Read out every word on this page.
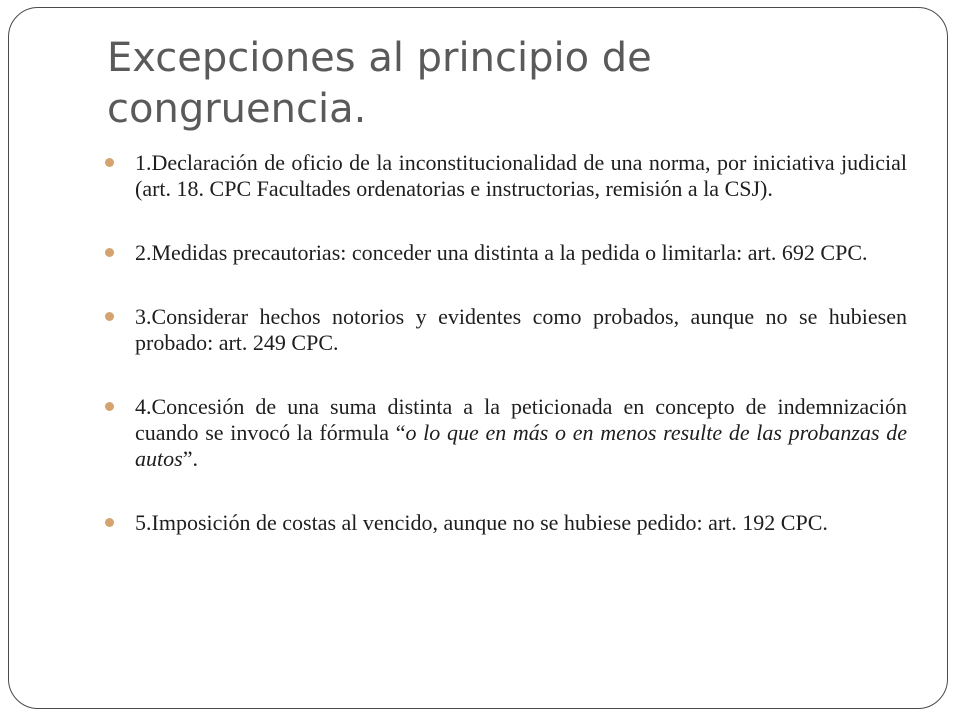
Excepciones al principio de congruencia.
1.Declaración de oficio de la inconstitucionalidad de una norma, por iniciativa judicial (art. 18. CPC Facultades ordenatorias e instructorias, remisión a la CSJ).
2.Medidas precautorias: conceder una distinta a la pedida o limitarla: art. 692 CPC.
3.Considerar hechos notorios y evidentes como probados, aunque no se hubiesen probado: art. 249 CPC.
4.Concesión de una suma distinta a la peticionada en concepto de indemnización cuando se invocó la fórmula “o lo que en más o en menos resulte de las probanzas de autos”.
5.Imposición de costas al vencido, aunque no se hubiese pedido: art. 192 CPC.
